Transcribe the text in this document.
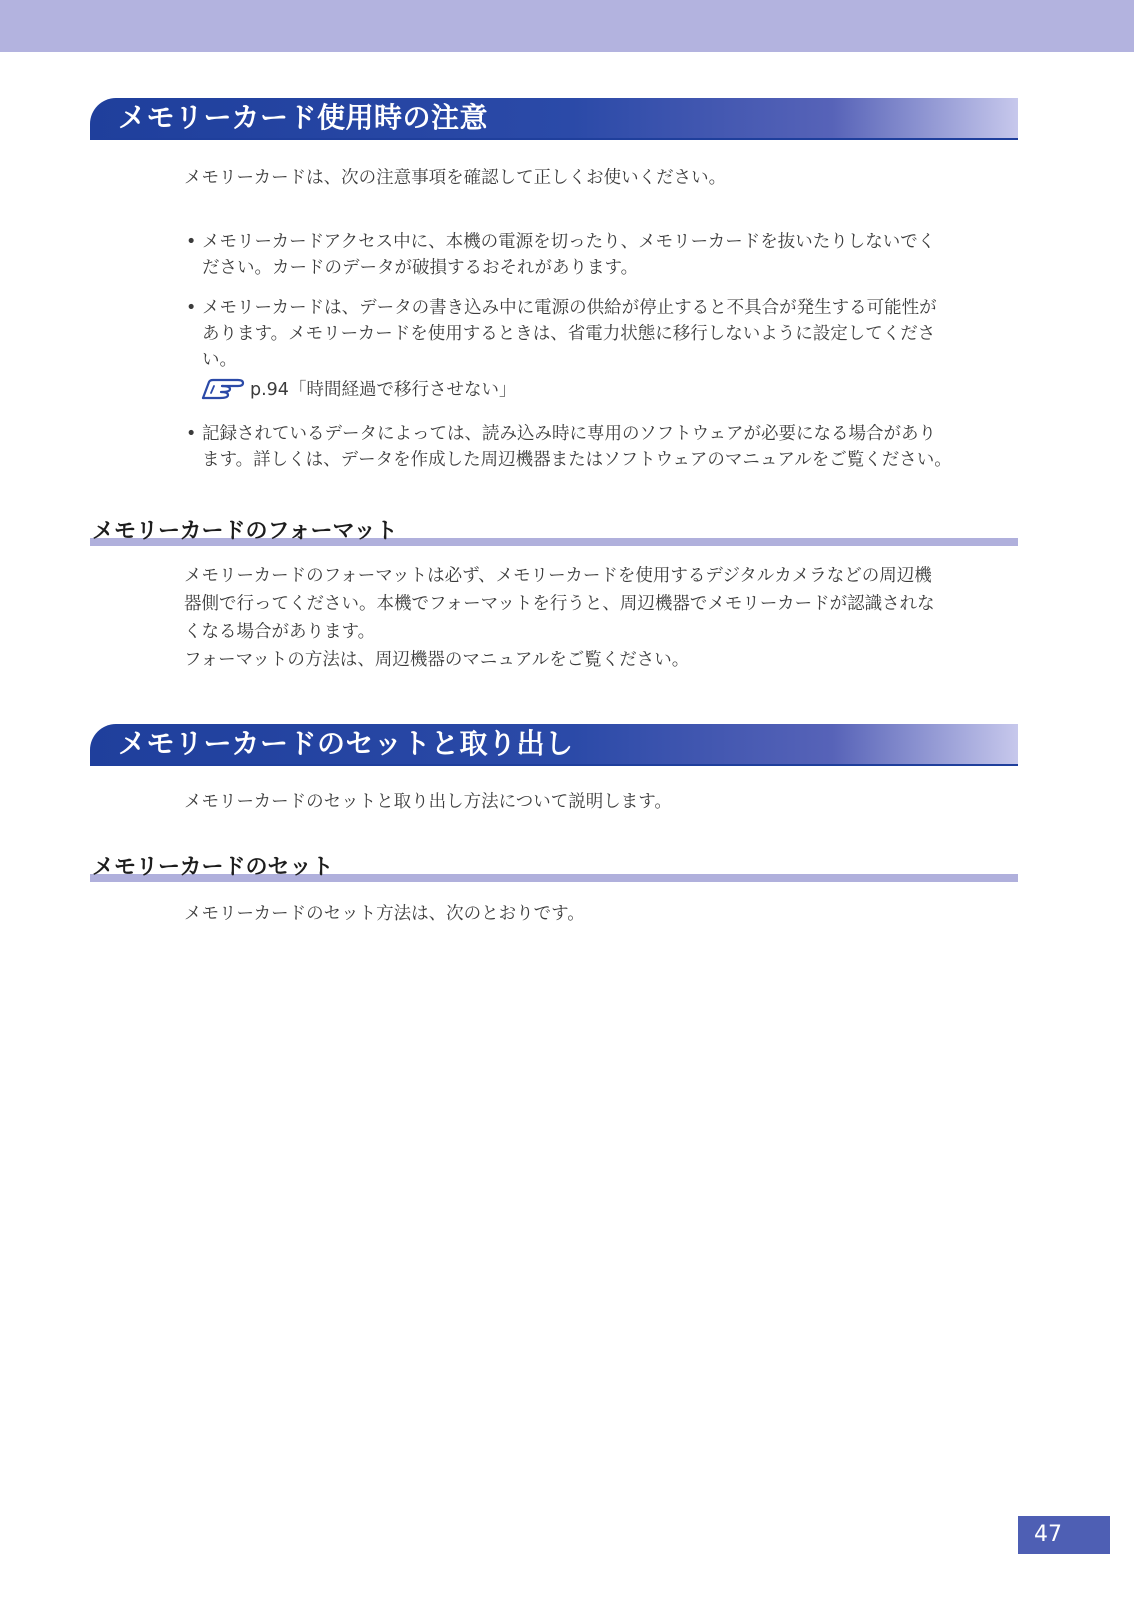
メモリーカード使用時の注意

メモリーカードは、次の注意事項を確認して正しくお使いください。

• メモリーカードアクセス中に、本機の電源を切ったり、メモリーカードを抜いたりしないでく

ださい。カードのデータが破損するおそれがあります。

• メモリーカードは、データの書き込み中に電源の供給が停止すると不具合が発生する可能性が

あります。メモリーカードを使用するときは、省電力状態に移行しないように設定してくださ

い。

p.94「時間経過で移行させない」

• 記録されているデータによっては、読み込み時に専用のソフトウェアが必要になる場合があり

ます。詳しくは、データを作成した周辺機器またはソフトウェアのマニュアルをご覧ください。

メモリーカードのフォーマット

メモリーカードのフォーマットは必ず、メモリーカードを使用するデジタルカメラなどの周辺機

器側で行ってください。本機でフォーマットを行うと、周辺機器でメモリーカードが認識されな

くなる場合があります。

フォーマットの方法は、周辺機器のマニュアルをご覧ください。

メモリーカードのセットと取り出し

メモリーカードのセットと取り出し方法について説明します。

メモリーカードのセット

メモリーカードのセット方法は、次のとおりです。

47
